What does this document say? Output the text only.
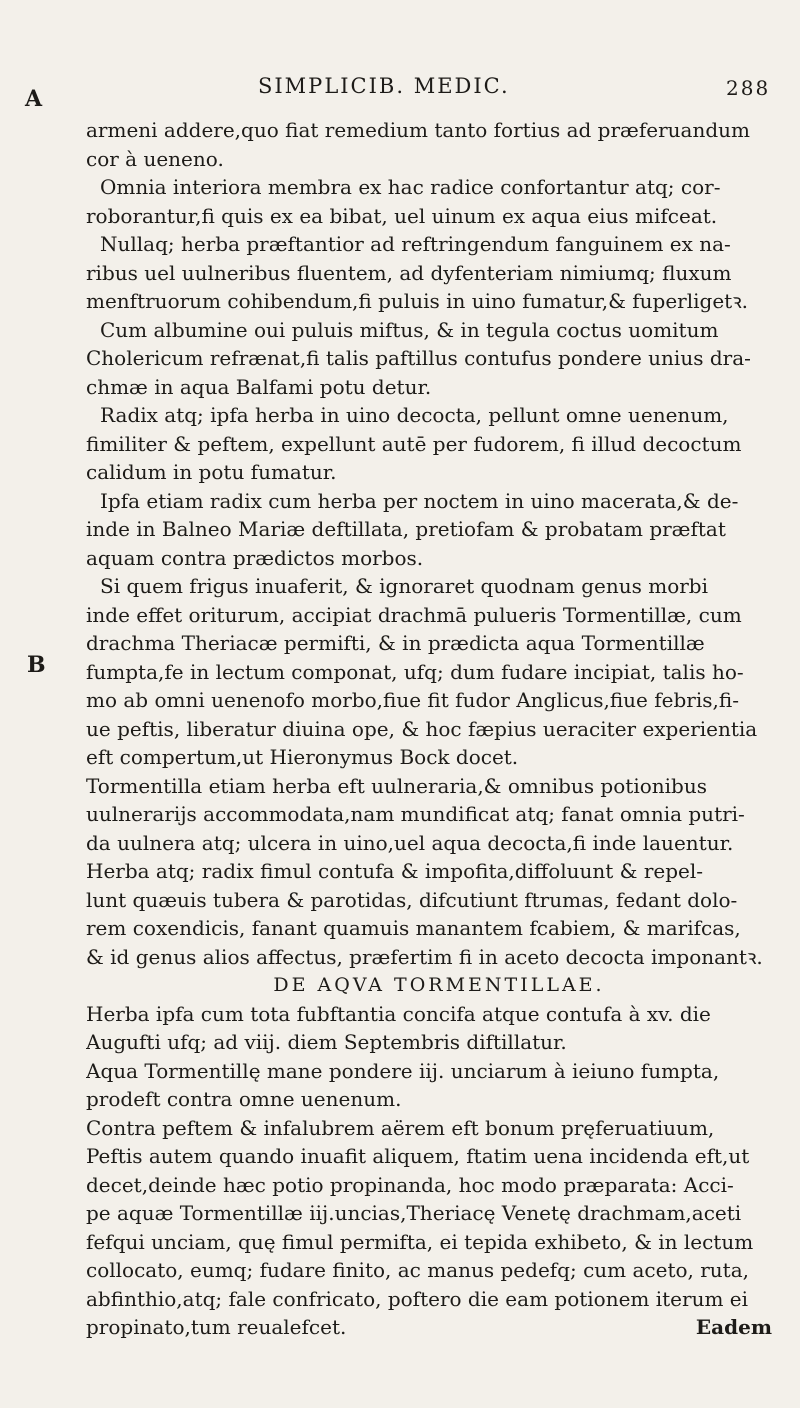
SIMPLICIB. MEDIC.	288
A
B
armeni addere,quo fiat remedium tanto fortius ad præferuandum
cor à ueneno.
Omnia interiora membra ex hac radice confortantur atq; cor-
roborantur,fi quis ex ea bibat, uel uinum ex aqua eius mifceat.
Nullaq; herba præftantior ad reftringendum fanguinem ex na-
ribus uel uulneribus fluentem, ad dyfenteriam nimiumq; fluxum
menftruorum cohibendum,fi puluis in uino fumatur,& fuperligetꝛ.
Cum albumine oui puluis miftus, & in tegula coctus uomitum
Cholericum refrænat,fi talis paftillus contufus pondere unius dra-
chmæ in aqua Balfami potu detur.
Radix atq; ipfa herba in uino decocta, pellunt omne uenenum,
fimiliter & peftem, expellunt autē per fudorem, fi illud decoctum
calidum in potu fumatur.
Ipfa etiam radix cum herba per noctem in uino macerata,& de-
inde in Balneo Mariæ deftillata, pretiofam & probatam præftat
aquam contra prædictos morbos.
Si quem frigus inuaferit, & ignoraret quodnam genus morbi
inde effet oriturum, accipiat drachmā pulueris Tormentillæ, cum
drachma Theriacæ permifti, & in prædicta aqua Tormentillæ
fumpta,fe in lectum componat, ufq; dum fudare incipiat, talis ho-
mo ab omni uenenofo morbo,fiue fit fudor Anglicus,fiue febris,fi-
ue peftis, liberatur diuina ope, & hoc fæpius ueraciter experientia
eft compertum,ut Hieronymus Bock docet.
Tormentilla etiam herba eft uulneraria,& omnibus potionibus
uulnerarijs accommodata,nam mundificat atq; fanat omnia putri-
da uulnera atq; ulcera in uino,uel aqua decocta,fi inde lauentur.
Herba atq; radix fimul contufa & impofita,diffoluunt & repel-
lunt quæuis tubera & parotidas, difcutiunt ftrumas, fedant dolo-
rem coxendicis, fanant quamuis manantem fcabiem, & marifcas,
& id genus alios affectus, præfertim fi in aceto decocta imponantꝛ.
DE AQVA TORMENTILLAE.
Herba ipfa cum tota fubftantia concifa atque contufa à xv. die
Augufti ufq; ad viij. diem Septembris diftillatur.
Aqua Tormentillę mane pondere iij. unciarum à ieiuno fumpta,
prodeft contra omne uenenum.
Contra peftem & infalubrem aërem eft bonum pręferuatiuum,
Peftis autem quando inuafit aliquem, ftatim uena incidenda eft,ut
decet,deinde hæc potio propinanda, hoc modo præparata: Acci-
pe aquæ Tormentillæ iij.uncias,Theriacę Venetę drachmam,aceti
fefqui unciam, quę fimul permifta, ei tepida exhibeto, & in lectum
collocato, eumq; fudare finito, ac manus pedefq; cum aceto, ruta,
abfinthio,atq; fale confricato, poftero die eam potionem iterum ei
propinato,tum reualefcet.	Eadem
